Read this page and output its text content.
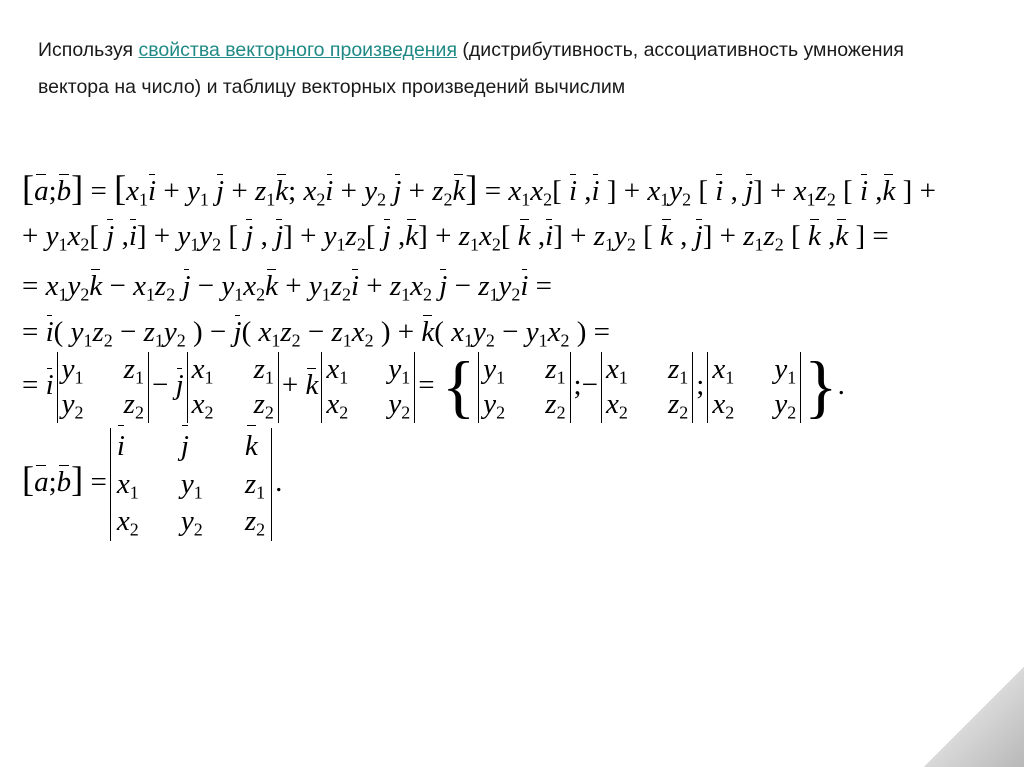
Используя свойства векторного произведения (дистрибутивность, ассоциативность умножения вектора на число) и таблицу векторных произведений вычислим
[a;b] = [$x_1i + y_1$ $j + z_1k$; $x_2i + y_2$ $j + z_2k] = x_1x_2$[ i ,i ] + $x_1y_2$ [ i , $j] + x_1z_2$ [ i ,k ] +
+ $y_1x_2$[ j $,i] + y_1y_2$ [ j , $j] + y_1z_2$[ j $,k] + z_1x_2$[ k $,i] + z_1y_2$ [ k , $j] + z_1z_2$ [ k ,k ] =
= $x_1y_2k - x_1z_2$ $j - y_1x_2k + y_1z_2i + z_1x_2$ $j - z_1y_2i$ =
= i( $y_1z_2 - z_1y_2$ ) − j( $x_1z_2 - z_1x_2$ ) + k( $x_1y_2 - y_1x_2$ ) =
= i
$y_1$ $z_1$
$y_2$ $z_2$
− j
$x_1$ $z_1$
$x_2$ $z_2$
+ k
$x_1$ $y_1$
$x_2$ $y_2$
= { $y_1$ $z_1$
$y_2$ $z_2$
;−
$x_1$ $z_1$
$x_2$ $z_2$
;
$x_1$ $y_1$
$x_2$ $y_2$ }.
[a;b] =
i j k
$x_1$ $y_1$ $z_1$
$x_2$ $y_2$ $z_2$
.
